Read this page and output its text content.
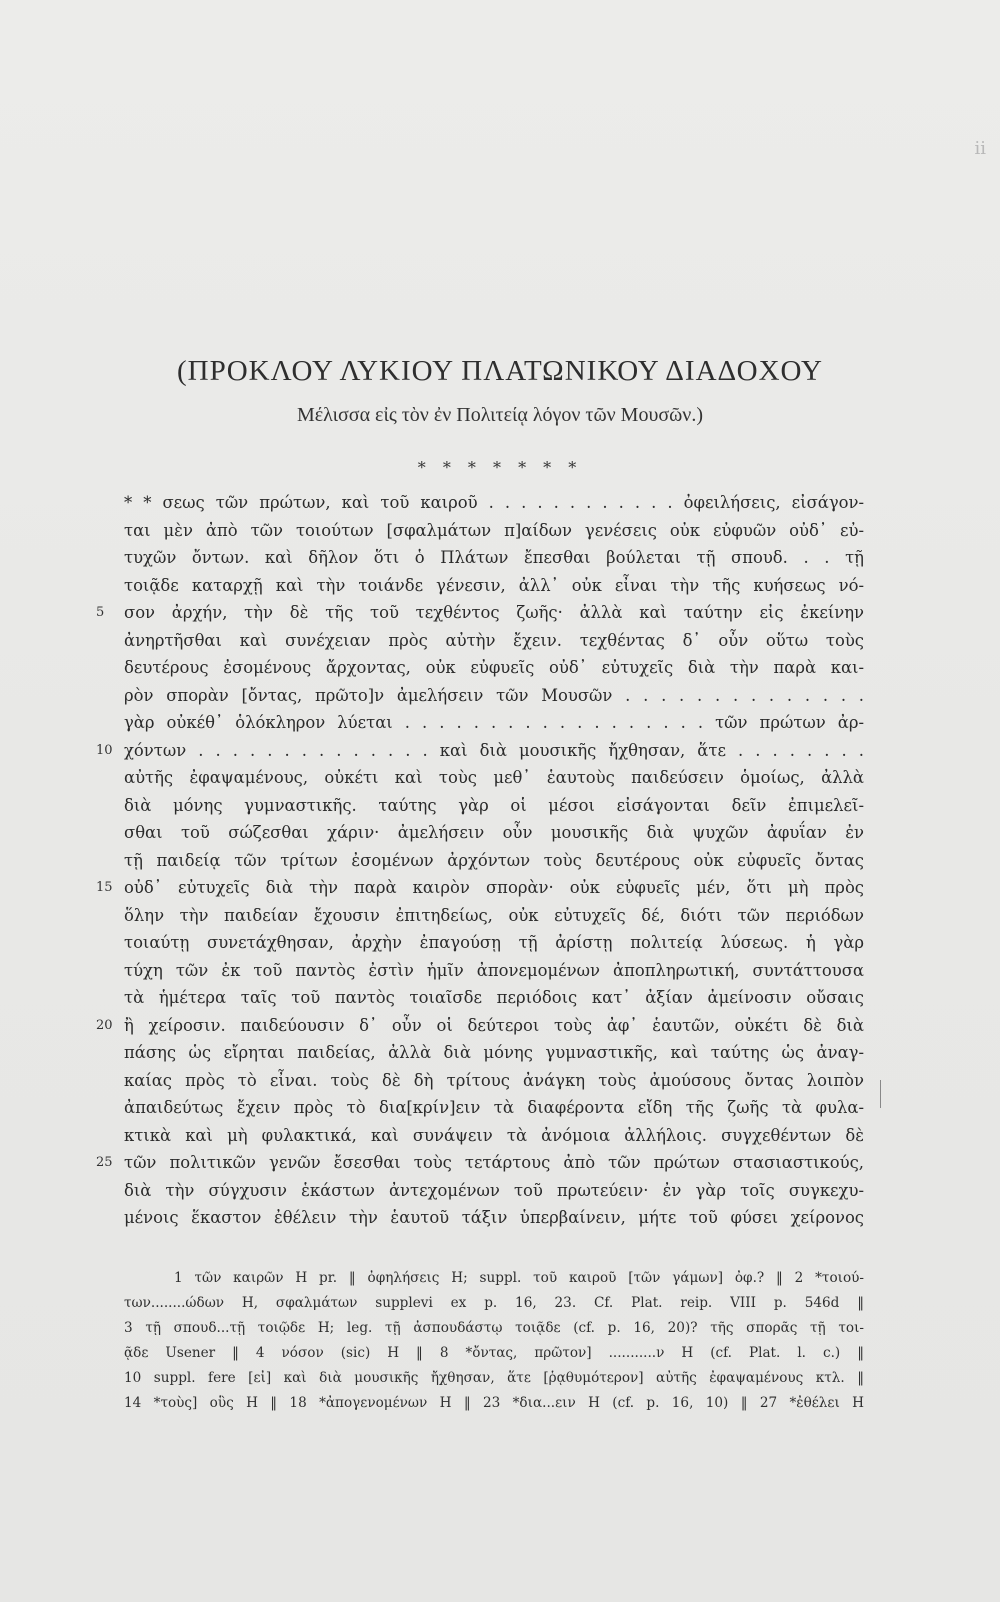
ii
(ΠΡΟΚΛΟΥ ΛΥΚΙΟΥ ΠΛΑΤΩΝΙΚΟΥ ΔΙΑΔΟΧΟΥ
Μέλισσα εἰς τὸν ἐν Πολιτείᾳ λόγον τῶν Μουσῶν.)
* * * * * * *
* * σεως τῶν πρώτων, καὶ τοῦ καιροῦ . . . . . . . . . . . . ὀφειλήσεις, εἰσάγον-
ται μὲν ἀπὸ τῶν τοιούτων [σφαλμάτων π]αίδων γενέσεις οὐκ εὐφυῶν οὐδ᾽ εὐ-
τυχῶν ὄντων. καὶ δῆλον ὅτι ὁ Πλάτων ἔπεσθαι βούλεται τῇ σπουδ. . . τῇ
τοιᾷδε καταρχῇ καὶ τὴν τοιάνδε γένεσιν, ἀλλ᾽ οὐκ εἶναι τὴν τῆς κυήσεως νό-
5 σον ἀρχήν, τὴν δὲ τῆς τοῦ τεχθέντος ζωῆς· ἀλλὰ καὶ ταύτην εἰς ἐκείνην
ἀνηρτῆσθαι καὶ συνέχειαν πρὸς αὐτὴν ἔχειν. τεχθέντας δ᾽ οὖν οὕτω τοὺς
δευτέρους ἐσομένους ἄρχοντας, οὐκ εὐφυεῖς οὐδ᾽ εὐτυχεῖς διὰ τὴν παρὰ και-
ρὸν σπορὰν [ὄντας, πρῶτο]ν ἀμελήσειν τῶν Μουσῶν . . . . . . . . . . . . . .
γὰρ οὐκέθ᾽ ὁλόκληρον λύεται . . . . . . . . . . . . . . . . . . τῶν πρώτων ἀρ-
10 χόντων . . . . . . . . . . . . . . καὶ διὰ μουσικῆς ἤχθησαν, ἅτε . . . . . . . .
αὐτῆς ἐφαψαμένους, οὐκέτι καὶ τοὺς μεθ᾽ ἑαυτοὺς παιδεύσειν ὁμοίως, ἀλλὰ
διὰ μόνης γυμναστικῆς. ταύτης γὰρ οἱ μέσοι εἰσάγονται δεῖν ἐπιμελεῖ-
σθαι τοῦ σώζεσθαι χάριν· ἀμελήσειν οὖν μουσικῆς διὰ ψυχῶν ἀφυΐαν ἐν
τῇ παιδείᾳ τῶν τρίτων ἐσομένων ἀρχόντων τοὺς δευτέρους οὐκ εὐφυεῖς ὄντας
15 οὐδ᾽ εὐτυχεῖς διὰ τὴν παρὰ καιρὸν σπορὰν· οὐκ εὐφυεῖς μέν, ὅτι μὴ πρὸς
ὅλην τὴν παιδείαν ἔχουσιν ἐπιτηδείως, οὐκ εὐτυχεῖς δέ, διότι τῶν περιόδων
τοιαύτῃ συνετάχθησαν, ἀρχὴν ἐπαγούσῃ τῇ ἀρίστῃ πολιτείᾳ λύσεως. ἡ γὰρ
τύχη τῶν ἐκ τοῦ παντὸς ἐστὶν ἡμῖν ἀπονεμομένων ἀποπληρωτική, συντάττουσα
τὰ ἡμέτερα ταῖς τοῦ παντὸς τοιαῖσδε περιόδοις κατ᾽ ἀξίαν ἀμείνοσιν οὔσαις
20 ἢ χείροσιν. παιδεύουσιν δ᾽ οὖν οἱ δεύτεροι τοὺς ἀφ᾽ ἑαυτῶν, οὐκέτι δὲ διὰ
πάσης ὡς εἴρηται παιδείας, ἀλλὰ διὰ μόνης γυμναστικῆς, καὶ ταύτης ὡς ἀναγ-
καίας πρὸς τὸ εἶναι. τοὺς δὲ δὴ τρίτους ἀνάγκη τοὺς ἀμούσους ὄντας λοιπὸν
ἀπαιδεύτως ἔχειν πρὸς τὸ δια[κρίν]ειν τὰ διαφέροντα εἴδη τῆς ζωῆς τὰ φυλα-
κτικὰ καὶ μὴ φυλακτικά, καὶ συνάψειν τὰ ἀνόμοια ἀλλήλοις. συγχεθέντων δὲ
25 τῶν πολιτικῶν γενῶν ἔσεσθαι τοὺς τετάρτους ἀπὸ τῶν πρώτων στασιαστικούς,
διὰ τὴν σύγχυσιν ἑκάστων ἀντεχομένων τοῦ πρωτεύειν· ἐν γὰρ τοῖς συγκεχυ-
μένοις ἕκαστον ἐθέλειν τὴν ἑαυτοῦ τάξιν ὑπερβαίνειν, μήτε τοῦ φύσει χείρονος
1 τῶν καιρῶν H pr. ‖ ὀφηλήσεις H; suppl. τοῦ καιροῦ [τῶν γάμων] ὀφ.? ‖ 2 *τοιού-
των........ώδων H, σφαλμάτων supplevi ex p. 16, 23. Cf. Plat. reip. VIII p. 546d ‖
3 τῇ σπουδ...τῇ τοιῷδε H; leg. τῇ ἀσπουδάστῳ τοιᾷδε (cf. p. 16, 20)? τῆς σπορᾶς τῇ τοι-
ᾷδε Usener ‖ 4 νόσον (sic) H ‖ 8 *ὄντας, πρῶτον] ...........ν H (cf. Plat. l. c.) ‖
10 suppl. fere [εἰ] καὶ διὰ μουσικῆς ἤχθησαν, ἅτε [ῥᾳθυμότερον] αὐτῆς ἐφαψαμένους κτλ. ‖
14 *τοὺς] οὓς H ‖ 18 *ἀπογενομένων H ‖ 23 *δια...ειν H (cf. p. 16, 10) ‖ 27 *ἐθέλει H
